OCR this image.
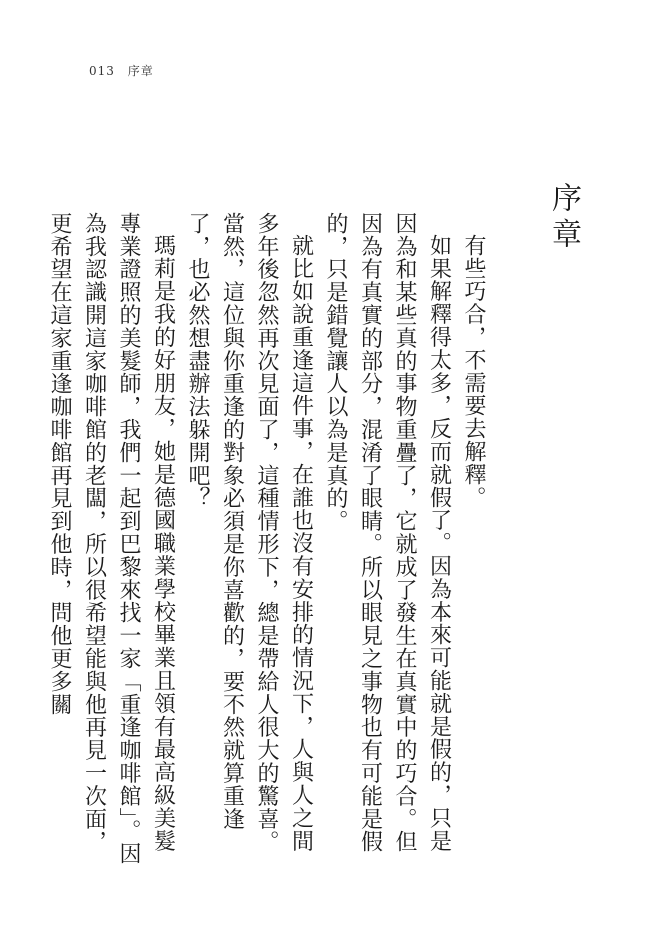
013 序章
序章

有些巧合，不需要去解釋。

如果解釋得太多，反而就假了。因為本來可能就是假的，只是因為和某些真的事物重疊了，它就成了發生在真實中的巧合。但因為有真實的部分，混淆了眼睛。所以眼見之事物也有可能是假的，只是錯覺讓人以為是真的。

就比如說重逢這件事，在誰也沒有安排的情況下，人與人之間多年後忽然再次見面了，這種情形下，總是帶給人很大的驚喜。當然，這位與你重逢的對象必須是你喜歡的，要不然就算重逢了，也必然想盡辦法躲開吧？

瑪莉是我的好朋友，她是德國職業學校畢業且領有最高級美髮專業證照的美髮師，我們一起到巴黎來找一家「重逢咖啡館」。因為我認識開這家咖啡館的老闆，所以很希望能與他再見一次面，更希望在這家重逢咖啡館再見到他時，問他更多關
